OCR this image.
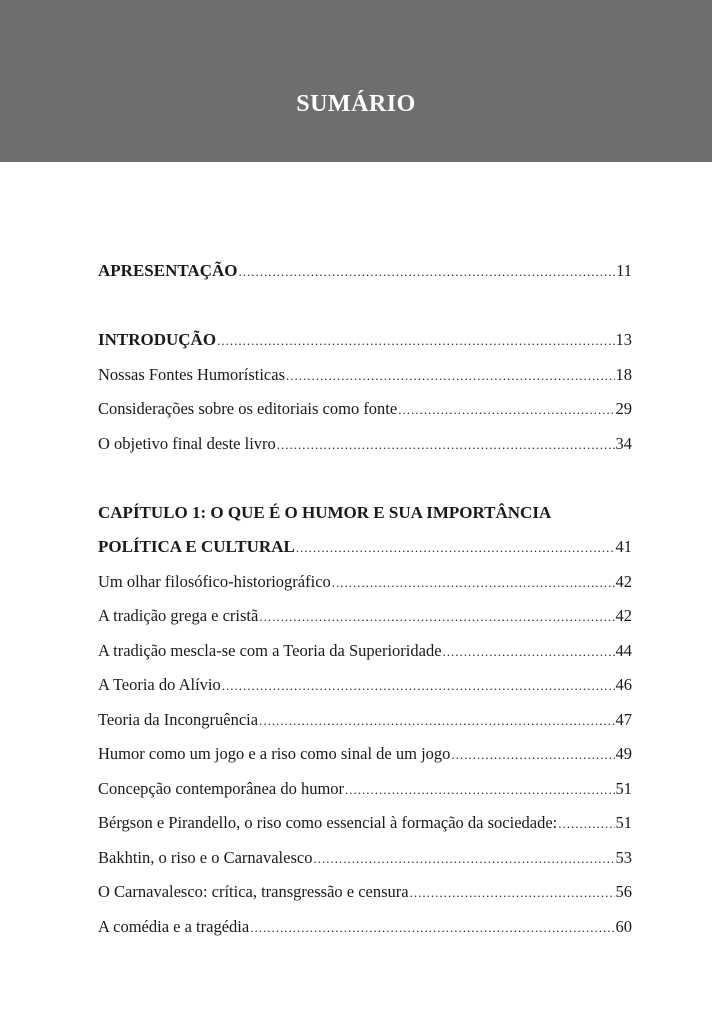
SUMÁRIO
APRESENTAÇÃO .....	11
INTRODUÇÃO .....	13
Nossas Fontes Humorísticas .....	18
Considerações sobre os editoriais como fonte .....	29
O objetivo final deste livro .....	34
CAPÍTULO 1: O QUE É O HUMOR E SUA IMPORTÂNCIA
POLÍTICA E CULTURAL .....	41
Um olhar filosófico-historiográfico .....	42
A tradição grega e cristã .....	42
A tradição mescla-se com a Teoria da Superioridade .....	44
A Teoria do Alívio .....	46
Teoria da Incongruência .....	47
Humor como um jogo e a riso como sinal de um jogo .....	49
Concepção contemporânea do humor .....	51
Bérgson e Pirandello, o riso como essencial à formação da sociedade: .....	51
Bakhtin, o riso e o Carnavalesco .....	53
O Carnavalesco: crítica, transgressão e censura .....	56
A comédia e a tragédia .....	60
